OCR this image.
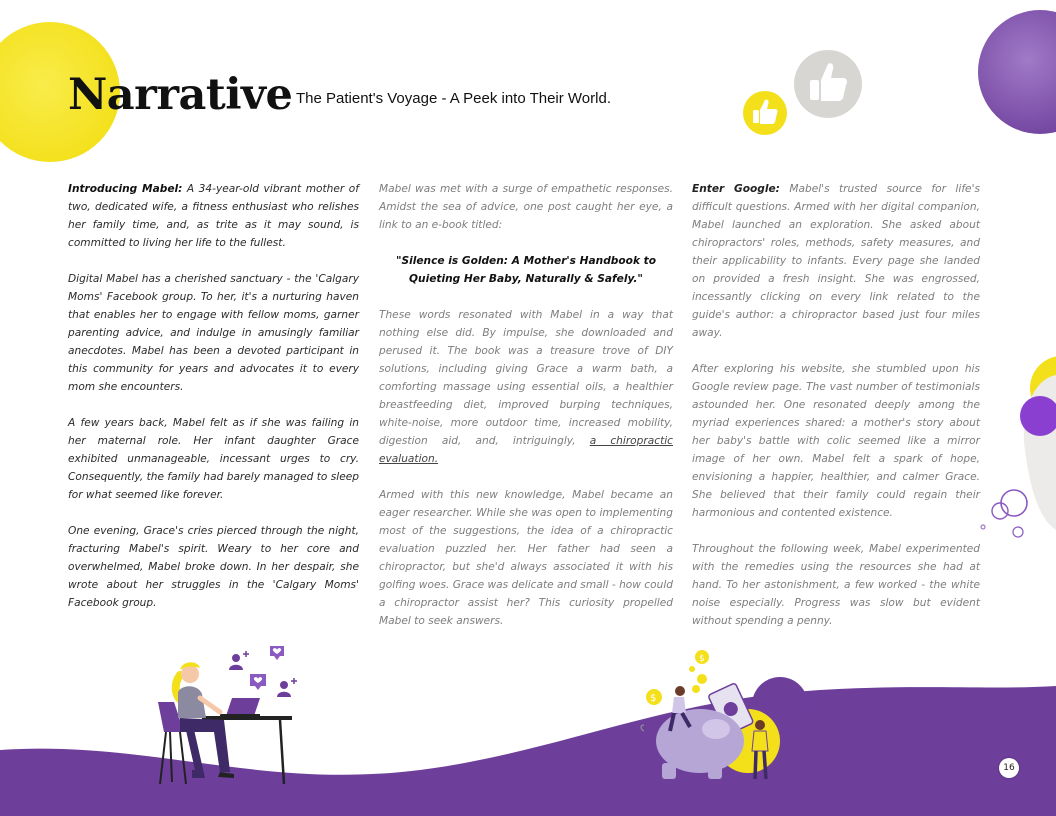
Narrative The Patient's Voyage - A Peek into Their World.

Introducing Mabel: A 34-year-old vibrant mother of two, dedicated wife, a fitness enthusiast who relishes her family time, and, as trite as it may sound, is committed to living her life to the fullest.

Digital Mabel has a cherished sanctuary - the 'Calgary Moms' Facebook group. To her, it's a nurturing haven that enables her to engage with fellow moms, garner parenting advice, and indulge in amusingly familiar anecdotes. Mabel has been a devoted participant in this community for years and advocates it to every mom she encounters.

A few years back, Mabel felt as if she was failing in her maternal role. Her infant daughter Grace exhibited unmanageable, incessant urges to cry. Consequently, the family had barely managed to sleep for what seemed like forever.

One evening, Grace's cries pierced through the night, fracturing Mabel's spirit. Weary to her core and overwhelmed, Mabel broke down. In her despair, she wrote about her struggles in the 'Calgary Moms' Facebook group.

Mabel was met with a surge of empathetic responses. Amidst the sea of advice, one post caught her eye, a link to an e-book titled:

"Silence is Golden: A Mother's Handbook to Quieting Her Baby, Naturally & Safely."

These words resonated with Mabel in a way that nothing else did. By impulse, she downloaded and perused it. The book was a treasure trove of DIY solutions, including giving Grace a warm bath, a comforting massage using essential oils, a healthier breastfeeding diet, improved burping techniques, white-noise, more outdoor time, increased mobility, digestion aid, and, intriguingly, a chiropractic evaluation.

Armed with this new knowledge, Mabel became an eager researcher. While she was open to implementing most of the suggestions, the idea of a chiropractic evaluation puzzled her. Her father had seen a chiropractor, but she'd always associated it with his golfing woes. Grace was delicate and small - how could a chiropractor assist her? This curiosity propelled Mabel to seek answers.

Enter Google: Mabel's trusted source for life's difficult questions. Armed with her digital companion, Mabel launched an exploration. She asked about chiropractors' roles, methods, safety measures, and their applicability to infants. Every page she landed on provided a fresh insight. She was engrossed, incessantly clicking on every link related to the guide's author: a chiropractor based just four miles away.

After exploring his website, she stumbled upon his Google review page. The vast number of testimonials astounded her. One resonated deeply among the myriad experiences shared: a mother's story about her baby's battle with colic seemed like a mirror image of her own. Mabel felt a spark of hope, envisioning a happier, healthier, and calmer Grace. She believed that their family could regain their harmonious and contented existence.

Throughout the following week, Mabel experimented with the remedies using the resources she had at hand. To her astonishment, a few worked - the white noise especially. Progress was slow but evident without spending a penny.

$
$
16
